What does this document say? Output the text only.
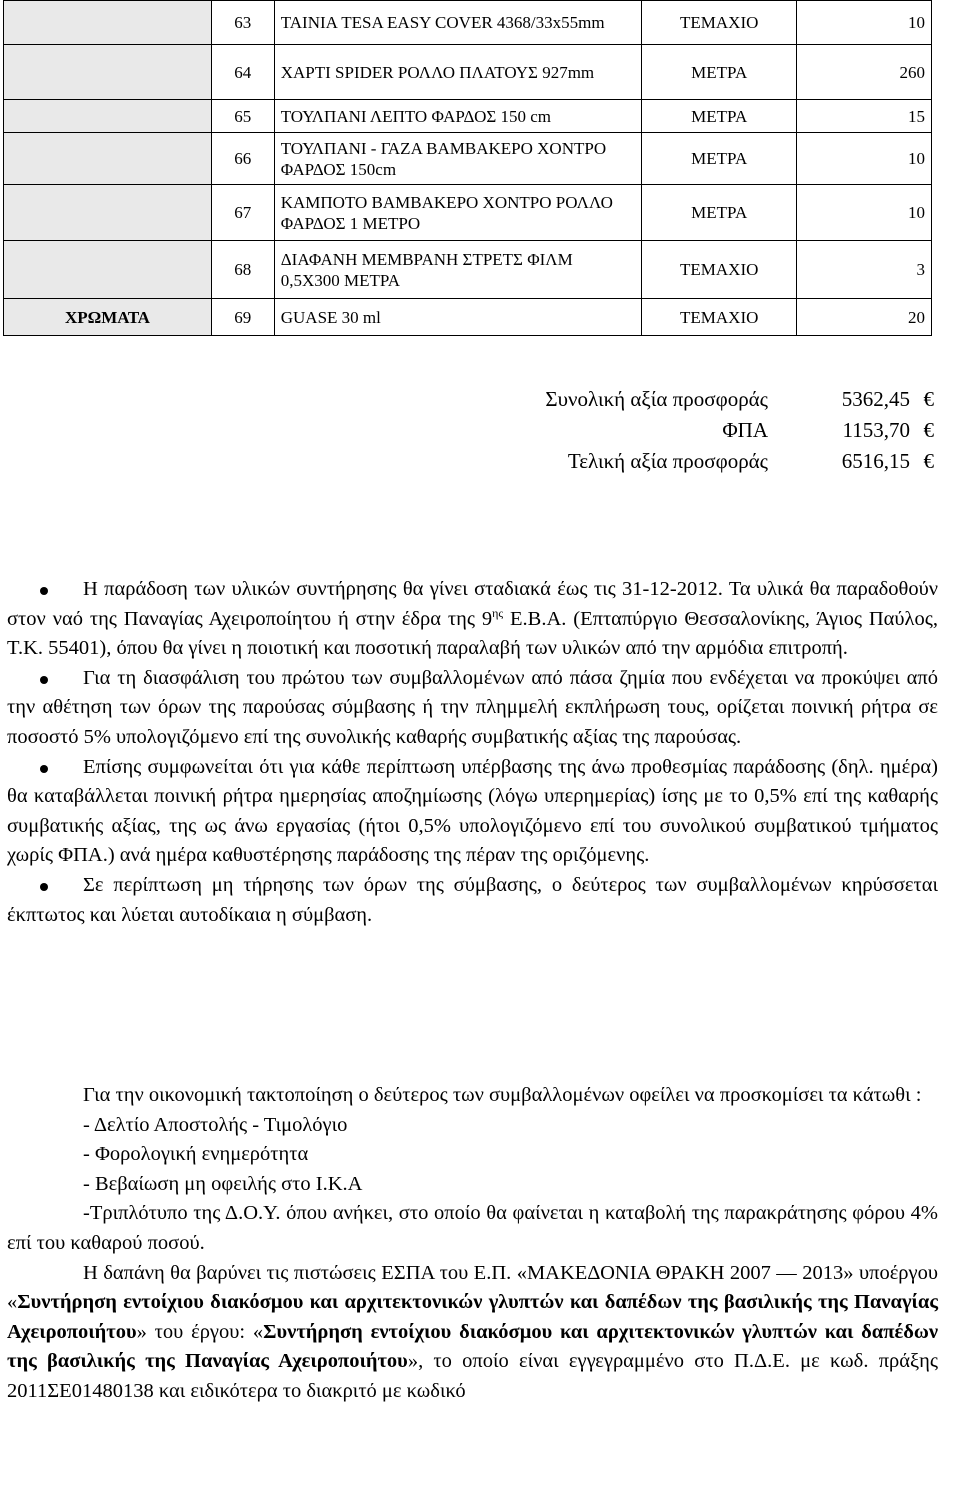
	63	ΤΑΙΝΙΑ TESA EASY COVER 4368/33x55mm	ΤΕΜΑΧΙΟ	10
	64	ΧΑΡΤΙ SPIDER ΡΟΛΛΟ ΠΛΑΤΟΥΣ 927mm	ΜΕΤΡΑ	260
	65	ΤΟΥΛΠΑΝΙ ΛΕΠΤΟ ΦΑΡΔΟΣ 150 cm	ΜΕΤΡΑ	15
	66	ΤΟΥΛΠΑΝΙ - ΓΑΖΑ ΒΑΜΒΑΚΕΡΟ ΧΟΝΤΡΟ ΦΑΡΔΟΣ 150cm	ΜΕΤΡΑ	10
	67	ΚΑΜΠΟΤΟ ΒΑΜΒΑΚΕΡΟ ΧΟΝΤΡΟ ΡΟΛΛΟ ΦΑΡΔΟΣ 1 ΜΕΤΡΟ	ΜΕΤΡΑ	10
	68	ΔΙΑΦΑΝΗ ΜΕΜΒΡΑΝΗ ΣΤΡΕΤΣ ΦΙΛΜ 0,5Χ300 ΜΕΤΡΑ	ΤΕΜΑΧΙΟ	3
ΧΡΩΜΑΤΑ	69	GUASE 30 ml	ΤΕΜΑΧΙΟ	20
Συνολική αξία προσφοράς	5362,45 €
ΦΠΑ	1153,70 €
Τελική αξία προσφοράς	6516,15 €
Η παράδοση των υλικών συντήρησης θα γίνει σταδιακά έως τις 31-12-2012. Τα υλικά θα παραδοθούν στον ναό της Παναγίας Αχειροποίητου ή στην έδρα της $9^{\eta\varsigma}$ Ε.Β.Α. (Επταπύργιο Θεσσαλονίκης, Άγιος Παύλος, Τ.Κ. 55401), όπου θα γίνει η ποιοτική και ποσοτική παραλαβή των υλικών από την αρμόδια επιτροπή.
Για τη διασφάλιση του πρώτου των συμβαλλομένων από πάσα ζημία που ενδέχεται να προκύψει από την αθέτηση των όρων της παρούσας σύμβασης ή την πλημμελή εκπλήρωση τους, ορίζεται ποινική ρήτρα σε ποσοστό 5% υπολογιζόμενο επί της συνολικής καθαρής συμβατικής αξίας της παρούσας.
Επίσης συμφωνείται ότι για κάθε περίπτωση υπέρβασης της άνω προθεσμίας παράδοσης (δηλ. ημέρα) θα καταβάλλεται ποινική ρήτρα ημερησίας αποζημίωσης (λόγω υπερημερίας) ίσης με το 0,5% επί της καθαρής συμβατικής αξίας, της ως άνω εργασίας (ήτοι 0,5% υπολογιζόμενο επί του συνολικού συμβατικού τμήματος χωρίς ΦΠΑ.) ανά ημέρα καθυστέρησης παράδοσης της πέραν της οριζόμενης.
Σε περίπτωση μη τήρησης των όρων της σύμβασης, ο δεύτερος των συμβαλλομένων κηρύσσεται έκπτωτος και λύεται αυτοδίκαια η σύμβαση.
Για την οικονομική τακτοποίηση ο δεύτερος των συμβαλλομένων οφείλει να προσκομίσει τα κάτωθι :
- Δελτίο Αποστολής - Τιμολόγιο
- Φορολογική ενημερότητα
- Βεβαίωση μη οφειλής στο Ι.Κ.Α
-Τριπλότυπο της Δ.Ο.Υ. όπου ανήκει, στο οποίο θα φαίνεται η καταβολή της παρακράτησης φόρου 4% επί του καθαρού ποσού.
Η δαπάνη θα βαρύνει τις πιστώσεις ΕΣΠΑ του Ε.Π. «ΜΑΚΕΔΟΝΙΑ ΘΡΑΚΗ 2007 — 2013» υποέργου «Συντήρηση εντοίχιου διακόσμου και αρχιτεκτονικών γλυπτών και δαπέδων της βασιλικής της Παναγίας Αχειροποιήτου» του έργου: «Συντήρηση εντοίχιου διακόσμου και αρχιτεκτονικών γλυπτών και δαπέδων της βασιλικής της Παναγίας Αχειροποιήτου», το οποίο είναι εγγεγραμμένο στο Π.Δ.Ε. με κωδ. πράξης 2011ΣΕ01480138 και ειδικότερα το διακριτό με κωδικό
